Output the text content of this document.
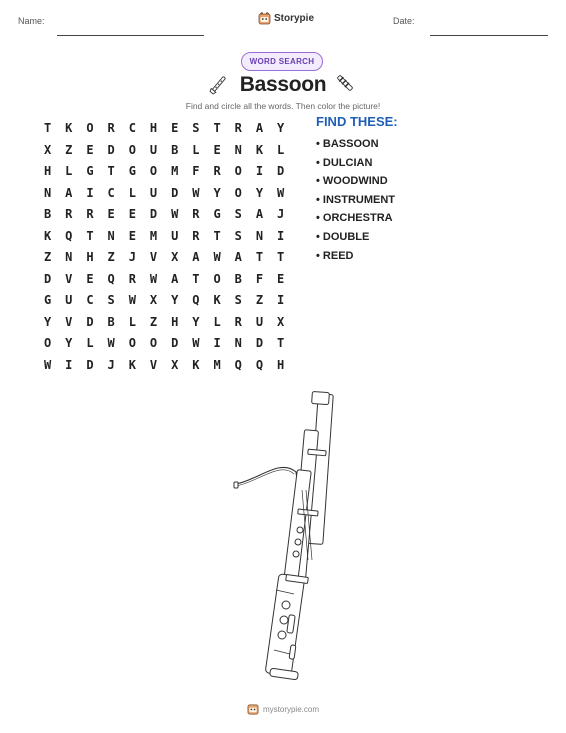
Name:	Storypie	Date:
WORD SEARCH
Bassoon
Find and circle all the words. Then color the picture!
T	K	O	R	C	H	E	S	T	R	A	Y
X	Z	E	D	O	U	B	L	E	N	K	L
H	L	G	T	G	O	M	F	R	O	I	D
N	A	I	C	L	U	D	W	Y	O	Y	W
B	R	R	E	E	D	W	R	G	S	A	J
K	Q	T	N	E	M	U	R	T	S	N	I
Z	N	H	Z	J	V	X	A	W	A	T	T
D	V	E	Q	R	W	A	T	O	B	F	E
G	U	C	S	W	X	Y	Q	K	S	Z	I
Y	V	D	B	L	Z	H	Y	L	R	U	X
O	Y	L	W	O	O	D	W	I	N	D	T
W	I	D	J	K	V	X	K	M	Q	Q	H
FIND THESE:
• BASSOON
• DULCIAN
• WOODWIND
• INSTRUMENT
• ORCHESTRA
• DOUBLE
• REED
mystorypie.com
